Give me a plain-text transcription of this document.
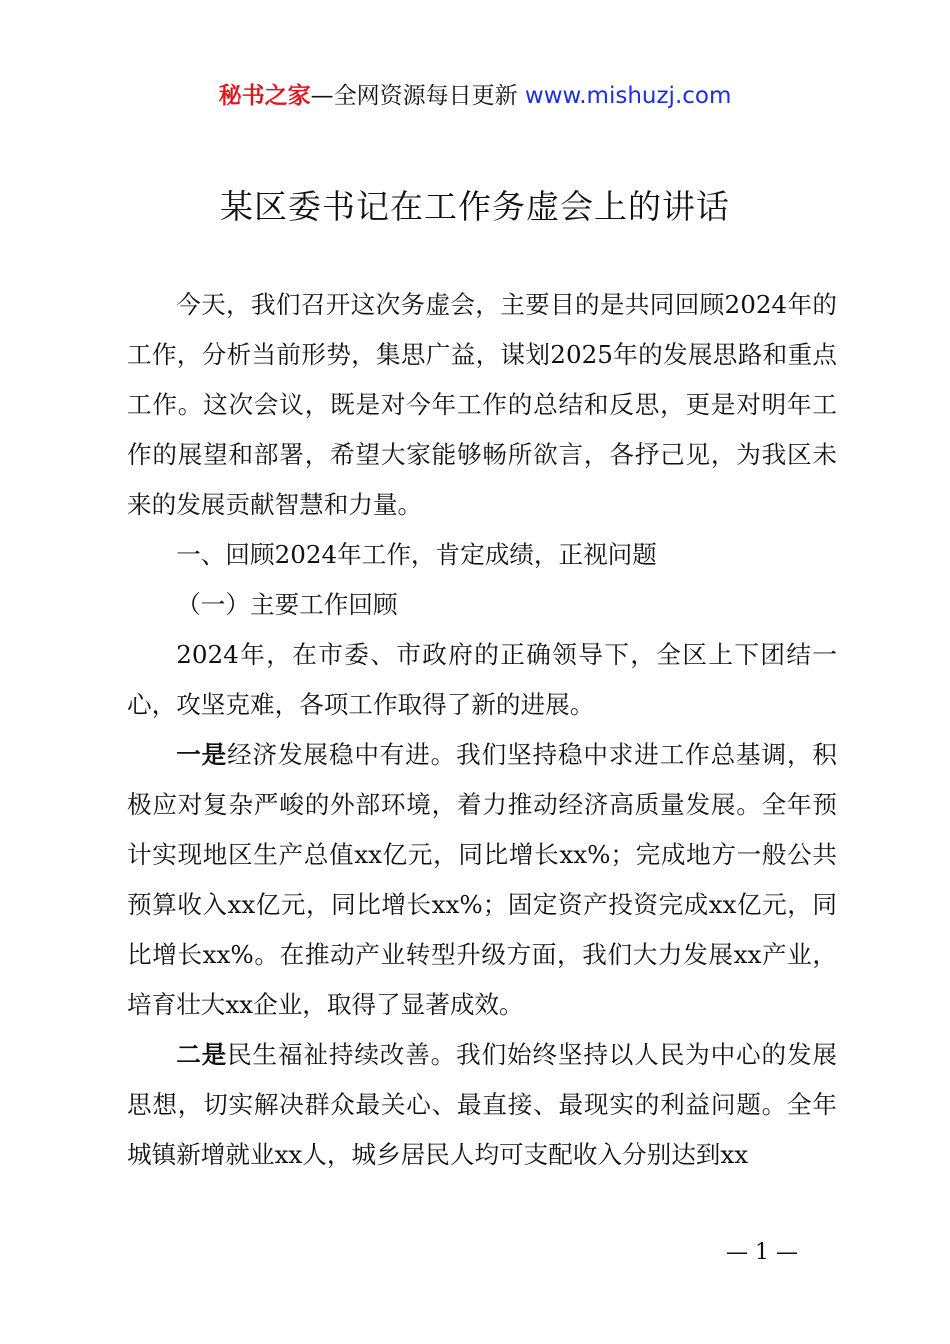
秘书之家—全网资源每日更新 www.mishuzj.com
某区委书记在工作务虚会上的讲话

今天，我们召开这次务虚会，主要目的是共同回顾2024年的工作，分析当前形势，集思广益，谋划2025年的发展思路和重点工作。这次会议，既是对今年工作的总结和反思，更是对明年工作的展望和部署，希望大家能够畅所欲言，各抒己见，为我区未来的发展贡献智慧和力量。

一、回顾2024年工作，肯定成绩，正视问题

（一）主要工作回顾

2024年，在市委、市政府的正确领导下，全区上下团结一心，攻坚克难，各项工作取得了新的进展。

一是经济发展稳中有进。我们坚持稳中求进工作总基调，积极应对复杂严峻的外部环境，着力推动经济高质量发展。全年预计实现地区生产总值xx亿元，同比增长xx%；完成地方一般公共预算收入xx亿元，同比增长xx%；固定资产投资完成xx亿元，同比增长xx%。在推动产业转型升级方面，我们大力发展xx产业，培育壮大xx企业，取得了显著成效。

二是民生福祉持续改善。我们始终坚持以人民为中心的发展思想，切实解决群众最关心、最直接、最现实的利益问题。全年城镇新增就业xx人，城乡居民人均可支配收入分别达到xx

— 1 —
